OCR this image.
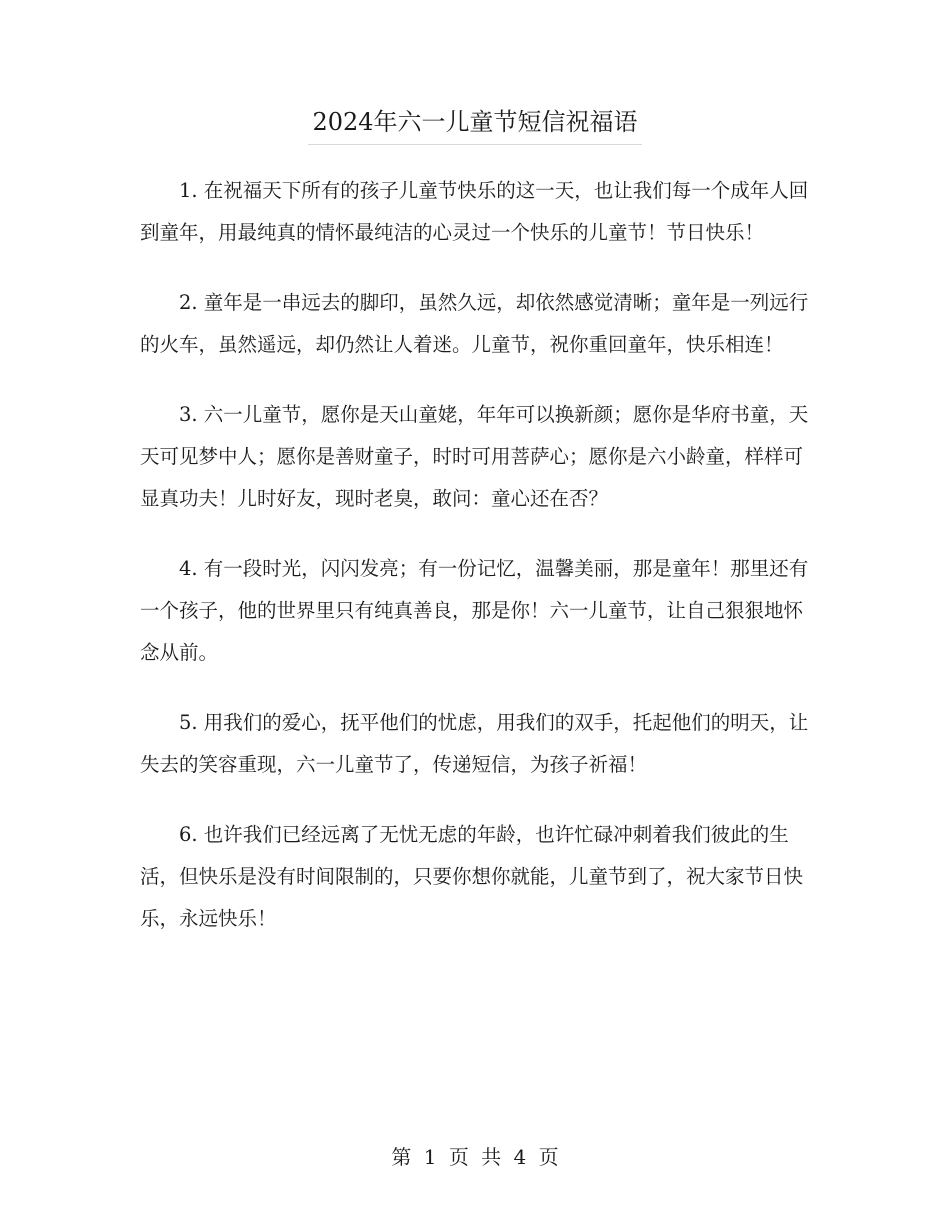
2024年六一儿童节短信祝福语

1. 在祝福天下所有的孩子儿童节快乐的这一天，也让我们每一个成年人回到童年，用最纯真的情怀最纯洁的心灵过一个快乐的儿童节！节日快乐！

2. 童年是一串远去的脚印，虽然久远，却依然感觉清晰；童年是一列远行的火车，虽然遥远，却仍然让人着迷。儿童节，祝你重回童年，快乐相连！

3. 六一儿童节，愿你是天山童姥，年年可以换新颜；愿你是华府书童，天天可见梦中人；愿你是善财童子，时时可用菩萨心；愿你是六小龄童，样样可显真功夫！儿时好友，现时老臭，敢问：童心还在否？

4. 有一段时光，闪闪发亮；有一份记忆，温馨美丽，那是童年！那里还有一个孩子，他的世界里只有纯真善良，那是你！六一儿童节，让自己狠狠地怀念从前。

5. 用我们的爱心，抚平他们的忧虑，用我们的双手，托起他们的明天，让失去的笑容重现，六一儿童节了，传递短信，为孩子祈福！

6. 也许我们已经远离了无忧无虑的年龄，也许忙碌冲刺着我们彼此的生活，但快乐是没有时间限制的，只要你想你就能，儿童节到了，祝大家节日快乐，永远快乐！

第 1 页 共 4 页
